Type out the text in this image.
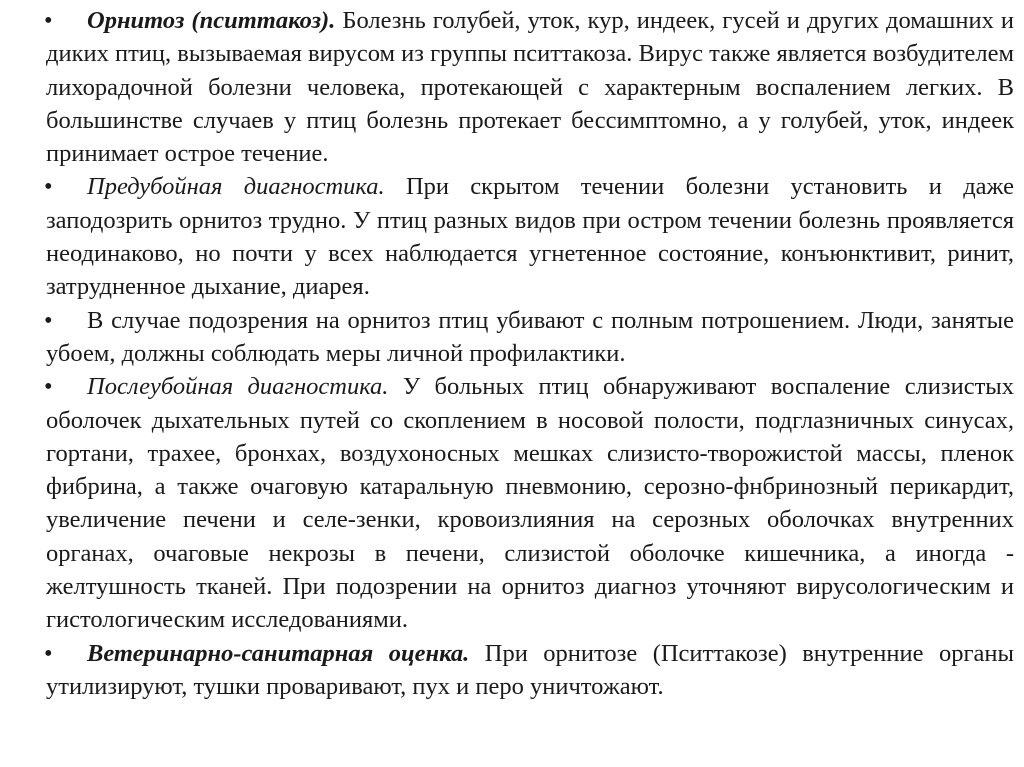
•	Орнитоз (пситтакоз). Болезнь голубей, уток, кур, индеек, гусей и других домашних и диких птиц, вызываемая вирусом из группы пситтакоза. Вирус также является возбудителем лихорадочной болезни человека, протекающей с характерным воспалением легких. В большинстве случаев у птиц болезнь протекает бессимптомно, а у голубей, уток, индеек принимает острое течение.

•	Предубойная диагностика. При скрытом течении болезни установить и даже заподозрить орнитоз трудно. У птиц разных видов при остром течении болезнь проявляется неодинаково, но почти у всех наблюдается угнетенное состояние, конъюнктивит, ринит, затрудненное дыхание, диарея.

•	В случае подозрения на орнитоз птиц убивают с полным потрошением. Люди, занятые убоем, должны соблюдать меры личной профилактики.

•	Послеубойная диагностика. У больных птиц обнаруживают воспаление слизистых оболочек дыхательных путей со скоплением в носовой полости, подглазничных синусах, гортани, трахее, бронхах, воздухоносных мешках слизисто-творожистой массы, пленок фибрина, а также очаговую катаральную пневмонию, серозно-фнбринозный перикардит, увеличение печени и селе-зенки, кровоизлияния на серозных оболочках внутренних органах, очаговые некрозы в печени, слизистой оболочке кишечника, а иногда - желтушность тканей. При подозрении на орнитоз диагноз уточняют вирусологическим и гистологическим исследованиями.

•	Ветеринарно-санитарная оценка. При орнитозе (Пситтакозе) внутренние органы утилизируют, тушки проваривают, пух и перо уничтожают.
